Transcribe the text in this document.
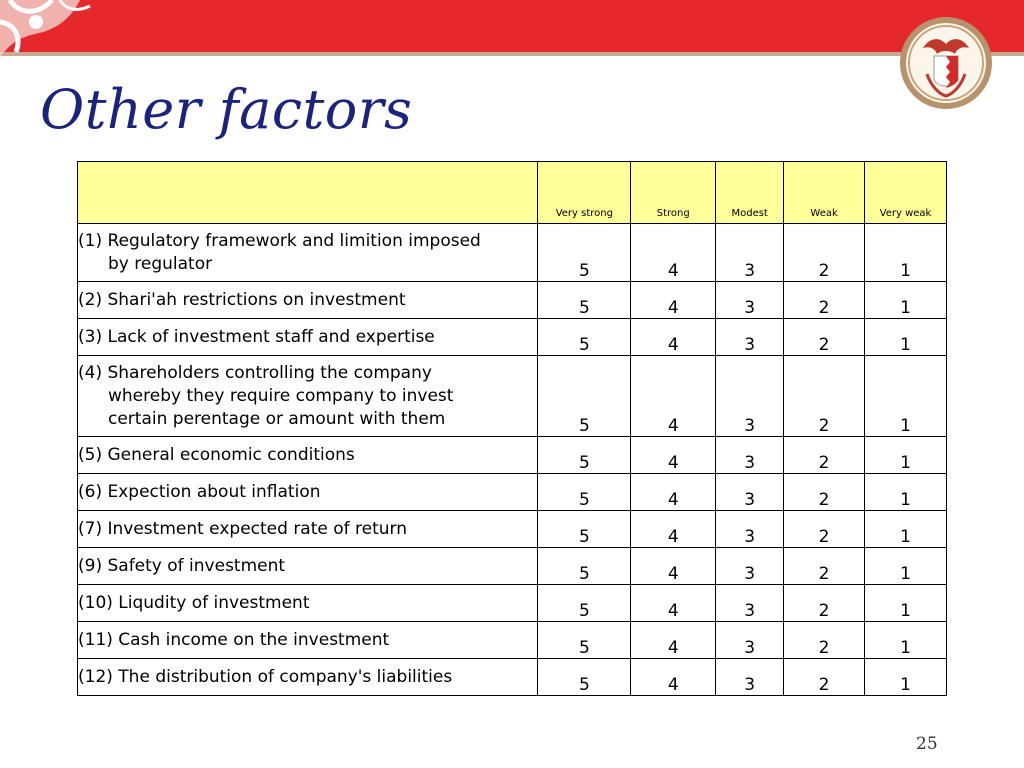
Other factors
	Very strong	Strong	Modest	Weak	Very weak

(1) Regulatory framework and limition imposed
by regulator	5	4	3	2	1

(2) Shari'ah restrictions on investment	5	4	3	2	1

(3) Lack of investment staff and expertise	5	4	3	2	1

(4) Shareholders controlling the company
whereby they require company to invest
certain perentage or amount with them	5	4	3	2	1

(5) General economic conditions	5	4	3	2	1

(6) Expection about inflation	5	4	3	2	1

(7) Investment expected rate of return	5	4	3	2	1

(9) Safety of investment	5	4	3	2	1

(10) Liqudity of investment	5	4	3	2	1

(11) Cash income on the investment	5	4	3	2	1

(12) The distribution of company's liabilities	5	4	3	2	1
25
